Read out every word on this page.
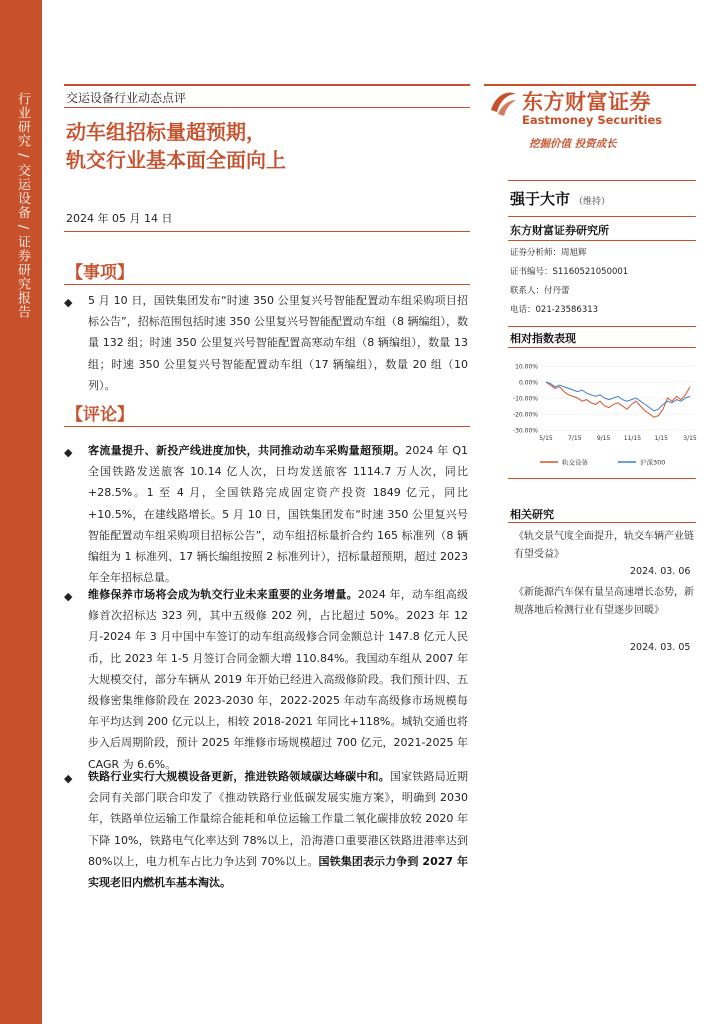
行业研究 / 交运设备 / 证券研究报告	交运设备行业动态点评
动车组招标量超预期，
轨交行业基本面全面向上
2024 年 05 月 14 日
【事项】
◆ 5 月 10 日，国铁集团发布“时速 350 公里复兴号智能配置动车组采购项目招标公告”，招标范围包括时速 350 公里复兴号智能配置动车组（8 辆编组），数量 132 组；时速 350 公里复兴号智能配置高寒动车组（8 辆编组），数量 13 组；时速 350 公里复兴号智能配置动车组（17 辆编组），数量 20 组（10 列）。
【评论】
◆ 客流量提升、新投产线进度加快，共同推动动车采购量超预期。2024 年 Q1 全国铁路发送旅客 10.14 亿人次，日均发送旅客 1114.7 万人次，同比+28.5%。1 至 4 月，全国铁路完成固定资产投资 1849 亿元，同比+10.5%，在建线路增长。5 月 10 日，国铁集团发布“时速 350 公里复兴号智能配置动车组采购项目招标公告”，动车组招标量折合约 165 标准列（8 辆编组为 1 标准列、17 辆长编组按照 2 标准列计），招标量超预期，超过 2023 年全年招标总量。
◆ 维修保养市场将会成为轨交行业未来重要的业务增量。2024 年，动车组高级修首次招标达 323 列，其中五级修 202 列，占比超过 50%。2023 年 12 月-2024 年 3 月中国中车签订的动车组高级修合同金额总计 147.8 亿元人民币，比 2023 年 1-5 月签订合同金额大增 110.84%。我国动车组从 2007 年大规模交付，部分车辆从 2019 年开始已经进入高级修阶段。我们预计四、五级修密集维修阶段在 2023-2030 年，2022-2025 年动车高级修市场规模每年平均达到 200 亿元以上，相较 2018-2021 年同比+118%。城轨交通也将步入后周期阶段，预计 2025 年维修市场规模超过 700 亿元，2021-2025 年 CAGR 为 6.6%。
◆ 铁路行业实行大规模设备更新，推进铁路领域碳达峰碳中和。国家铁路局近期会同有关部门联合印发了《推动铁路行业低碳发展实施方案》，明确到 2030 年，铁路单位运输工作量综合能耗和单位运输工作量二氧化碳排放较 2020 年下降 10%，铁路电气化率达到 78%以上，沿海港口重要港区铁路进港率达到 80%以上，电力机车占比力争达到 70%以上。国铁集团表示力争到 2027 年实现老旧内燃机车基本淘汰。
东方财富证券
Eastmoney Securities
挖掘价值 投资成长
强于大市 （维持）
东方财富证券研究所
证券分析师：周旭辉
证书编号：S1160521050001
联系人：付丹蕾
电话：021-23586313
相对指数表现
10.00%
0.00%
-10.00%
-20.00%
-30.00%
5/15	7/15	9/15 11/15 1/15	3/15
轨交设备	沪深300
相关研究
《轨交景气度全面提升，轨交车辆产业链有望受益》
2024. 03. 06
《新能源汽车保有量呈高速增长态势，新规落地后检测行业有望逐步回暖》
2024. 03. 05
